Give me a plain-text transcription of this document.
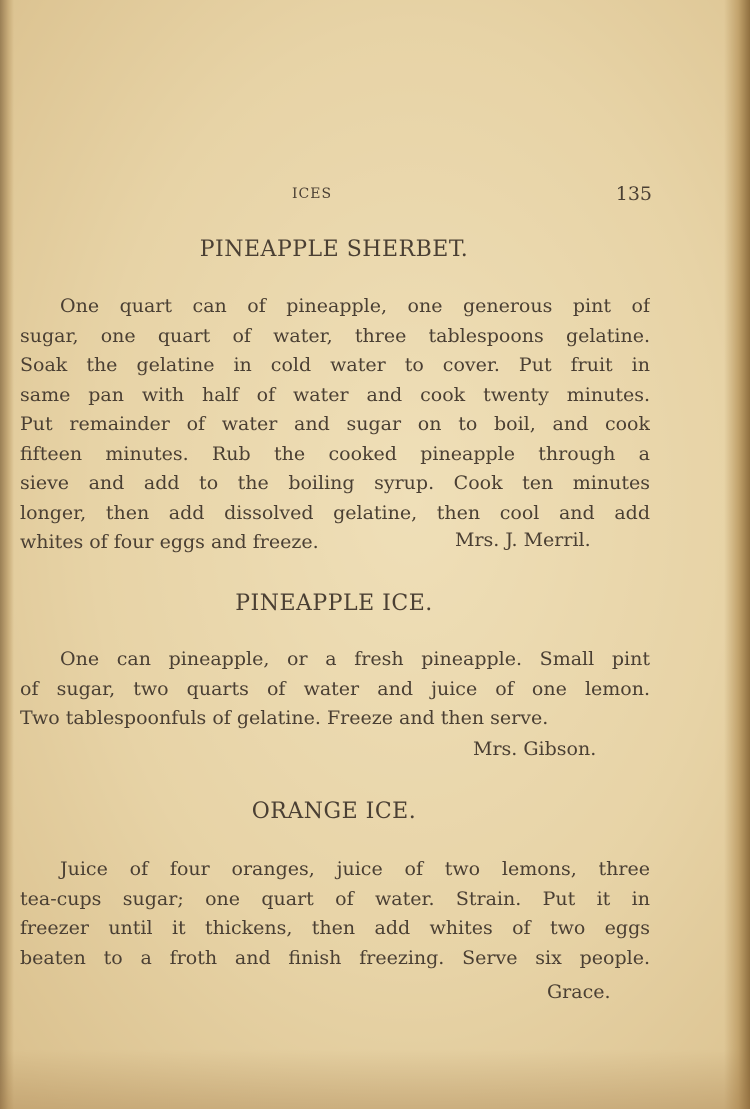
ICES	135
PINEAPPLE SHERBET.
One quart can of pineapple, one generous pint of
sugar, one quart of water, three tablespoons gelatine.
Soak the gelatine in cold water to cover. Put fruit in
same pan with half of water and cook twenty minutes.
Put remainder of water and sugar on to boil, and cook
fifteen minutes. Rub the cooked pineapple through a
sieve and add to the boiling syrup. Cook ten minutes
longer, then add dissolved gelatine, then cool and add
whites of four eggs and freeze.	Mrs. J. Merril.
PINEAPPLE ICE.
One can pineapple, or a fresh pineapple. Small pint
of sugar, two quarts of water and juice of one lemon.
Two tablespoonfuls of gelatine. Freeze and then serve.
Mrs. Gibson.
ORANGE ICE.
Juice of four oranges, juice of two lemons, three
tea-cups sugar; one quart of water. Strain. Put it in
freezer until it thickens, then add whites of two eggs
beaten to a froth and finish freezing. Serve six people.
Grace.
